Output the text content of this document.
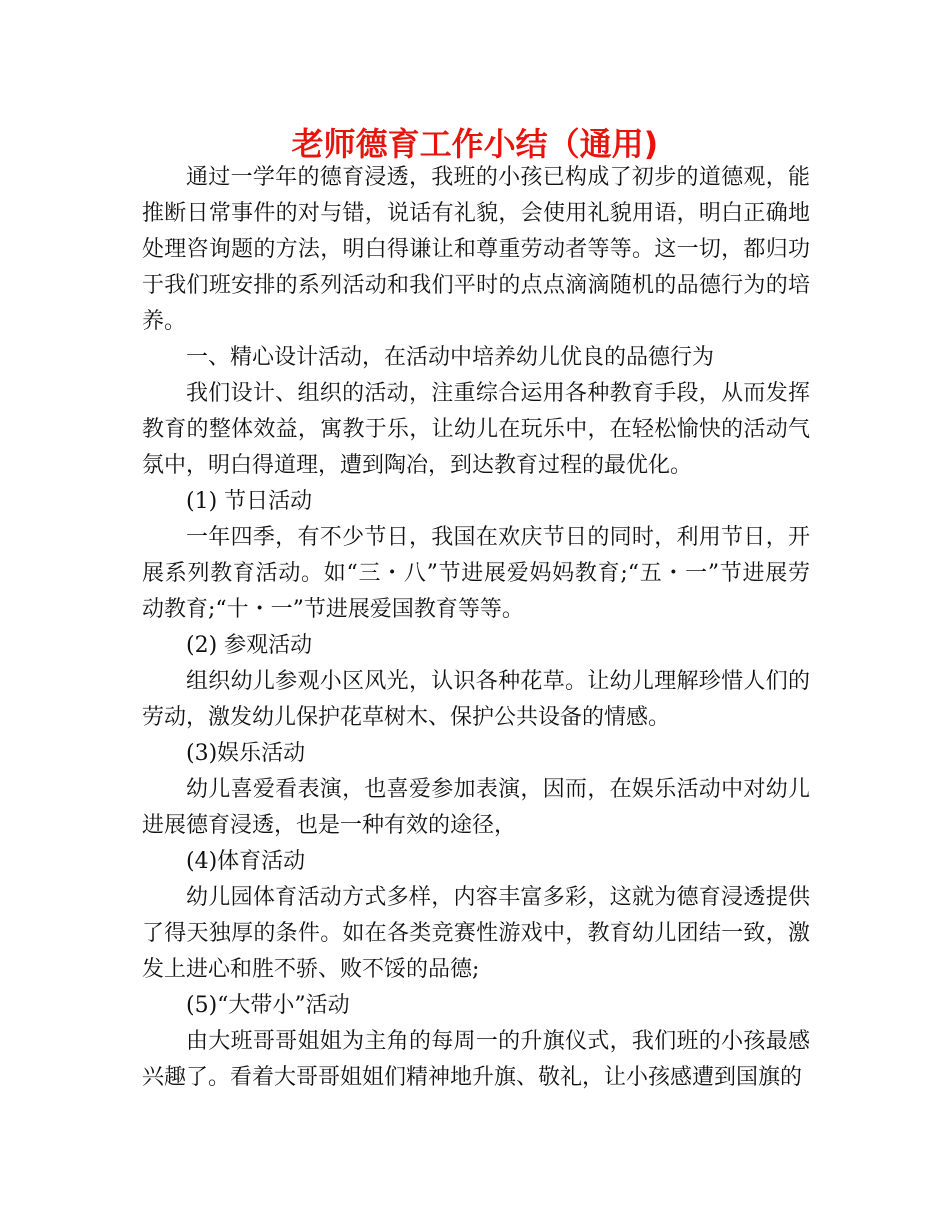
老师德育工作小结（通用)

通过一学年的德育浸透，我班的小孩已构成了初步的道德观，能推断日常事件的对与错，说话有礼貌，会使用礼貌用语，明白正确地处理咨询题的方法，明白得谦让和尊重劳动者等等。这一切，都归功于我们班安排的系列活动和我们平时的点点滴滴随机的品德行为的培养。

一、精心设计活动，在活动中培养幼儿优良的品德行为

我们设计、组织的活动，注重综合运用各种教育手段，从而发挥教育的整体效益，寓教于乐，让幼儿在玩乐中，在轻松愉快的活动气氛中，明白得道理，遭到陶冶，到达教育过程的最优化。

(1) 节日活动

一年四季，有不少节日，我国在欢庆节日的同时，利用节日，开展系列教育活动。如“三・八”节进展爱妈妈教育;“五・一”节进展劳动教育;“十・一”节进展爱国教育等等。

(2) 参观活动

组织幼儿参观小区风光，认识各种花草。让幼儿理解珍惜人们的劳动，激发幼儿保护花草树木、保护公共设备的情感。

(3)娱乐活动

幼儿喜爱看表演，也喜爱参加表演，因而，在娱乐活动中对幼儿进展德育浸透，也是一种有效的途径，

(4)体育活动

幼儿园体育活动方式多样，内容丰富多彩，这就为德育浸透提供了得天独厚的条件。如在各类竞赛性游戏中，教育幼儿团结一致，激发上进心和胜不骄、败不馁的品德;

(5)“大带小”活动

由大班哥哥姐姐为主角的每周一的升旗仪式，我们班的小孩最感兴趣了。看着大哥哥姐姐们精神地升旗、敬礼，让小孩感遭到国旗的
